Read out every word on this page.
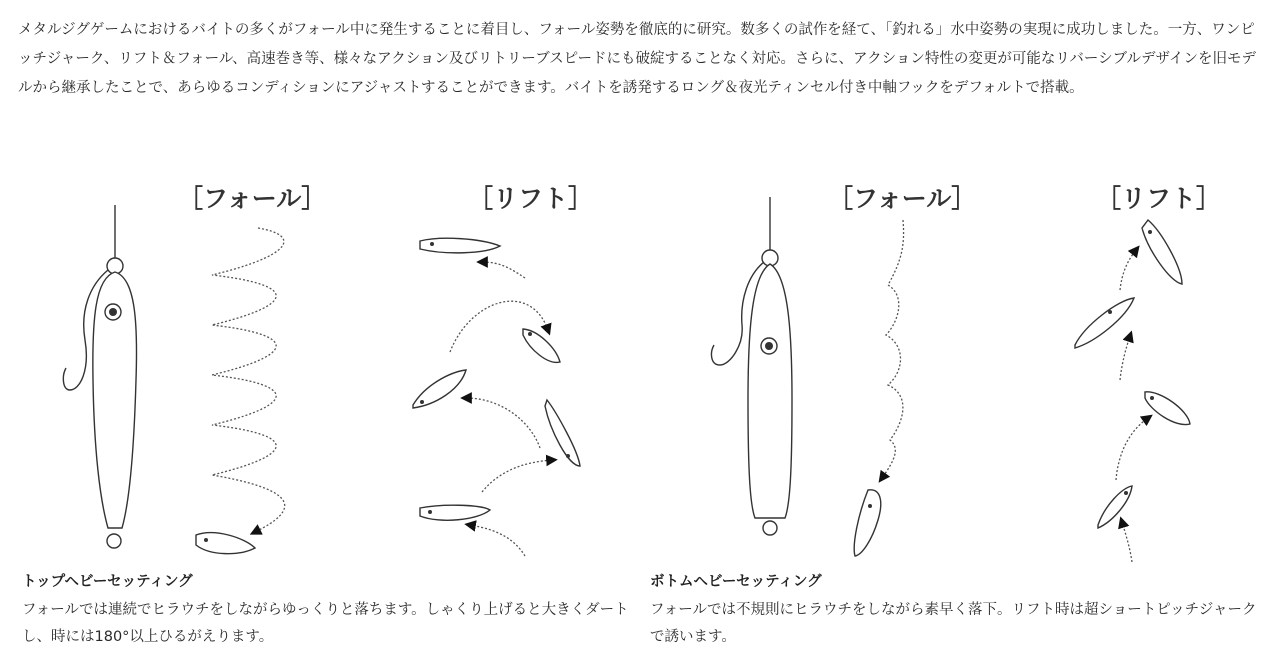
メタルジグゲームにおけるバイトの多くがフォール中に発生することに着目し、フォール姿勢を徹底的に研究。数多くの試作を経て、「釣れる」水中姿勢の実現に成功しました。一方、ワンピッチジャーク、リフト＆フォール、高速巻き等、様々なアクション及びリトリーブスピードにも破綻することなく対応。さらに、アクション特性の変更が可能なリバーシブルデザインを旧モデルから継承したことで、あらゆるコンディションにアジャストすることができます。バイトを誘発するロング＆夜光ティンセル付き中軸フックをデフォルトで搭載。

［フォール］	［リフト］	［フォール］	［リフト］

トップヘビーセッティング

フォールでは連続でヒラウチをしながらゆっくりと落ちます。しゃくり上げると大きくダートし、時には180°以上ひるがえります。

ボトムヘビーセッティング

フォールでは不規則にヒラウチをしながら素早く落下。リフト時は超ショートピッチジャークで誘います。
